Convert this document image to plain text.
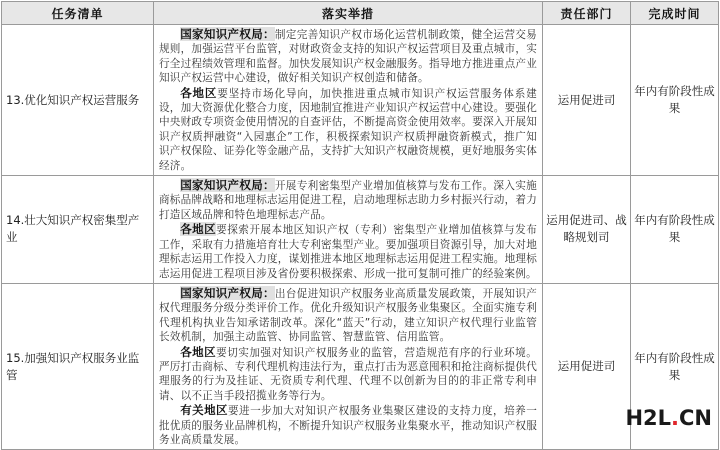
任务清单	落实举措	责任部门	完成时间
13.优化知识产权运营服务	国家知识产权局：制定完善知识产权市场化运营机制政策，健全运营交易规则，加强运营平台监管，对财政资金支持的知识产权运营项目及重点城市，实行全过程绩效管理和监督。加快发展知识产权金融服务。指导地方推进重点产业知识产权运营中心建设，做好相关知识产权创造和储备。

各地区要坚持市场化导向，加快推进重点城市知识产权运营服务体系建设，加大资源优化整合力度，因地制宜推进产业知识产权运营中心建设。要强化中央财政专项资金使用情况的自查评估，不断提高资金使用效率。要深入开展知识产权质押融资“入园惠企”工作，积极探索知识产权质押融资新模式，推广知识产权保险、证券化等金融产品，支持扩大知识产权融资规模，更好地服务实体经济。	运用促进司	年内有阶段性成果
14.壮大知识产权密集型产业	国家知识产权局：开展专利密集型产业增加值核算与发布工作。深入实施商标品牌战略和地理标志运用促进工程，启动地理标志助力乡村振兴行动，着力打造区域品牌和特色地理标志产品。

各地区要探索开展本地区知识产权（专利）密集型产业增加值核算与发布工作，采取有力措施培育壮大专利密集型产业。要加强项目资源引导，加大对地理标志运用工作投入力度，谋划推进本地区地理标志运用促进工程实施。地理标志运用促进工程项目涉及省份要积极探索、形成一批可复制可推广的经验案例。	运用促进司、战略规划司	年内有阶段性成果
15.加强知识产权服务业监管	国家知识产权局：出台促进知识产权服务业高质量发展政策，开展知识产权代理服务分级分类评价工作。优化升级知识产权服务业集聚区。全面实施专利代理机构执业告知承诺制改革。深化“蓝天”行动，建立知识产权代理行业监管长效机制，加强主动监管、协同监管、智慧监管、信用监管。

各地区要切实加强对知识产权服务业的监管，营造规范有序的行业环境。严厉打击商标、专利代理机构违法行为，重点打击为恶意囤积和抢注商标提供代理服务的行为及挂证、无资质专利代理、代理不以创新为目的的非正常专利申请、以不正当手段招揽业务等行为。

有关地区要进一步加大对知识产权服务业集聚区建设的支持力度，培养一批优质的服务业品牌机构，不断提升知识产权服务业集聚水平，推动知识产权服务业高质量发展。	运用促进司	年内有阶段性成果
H2L.CN
